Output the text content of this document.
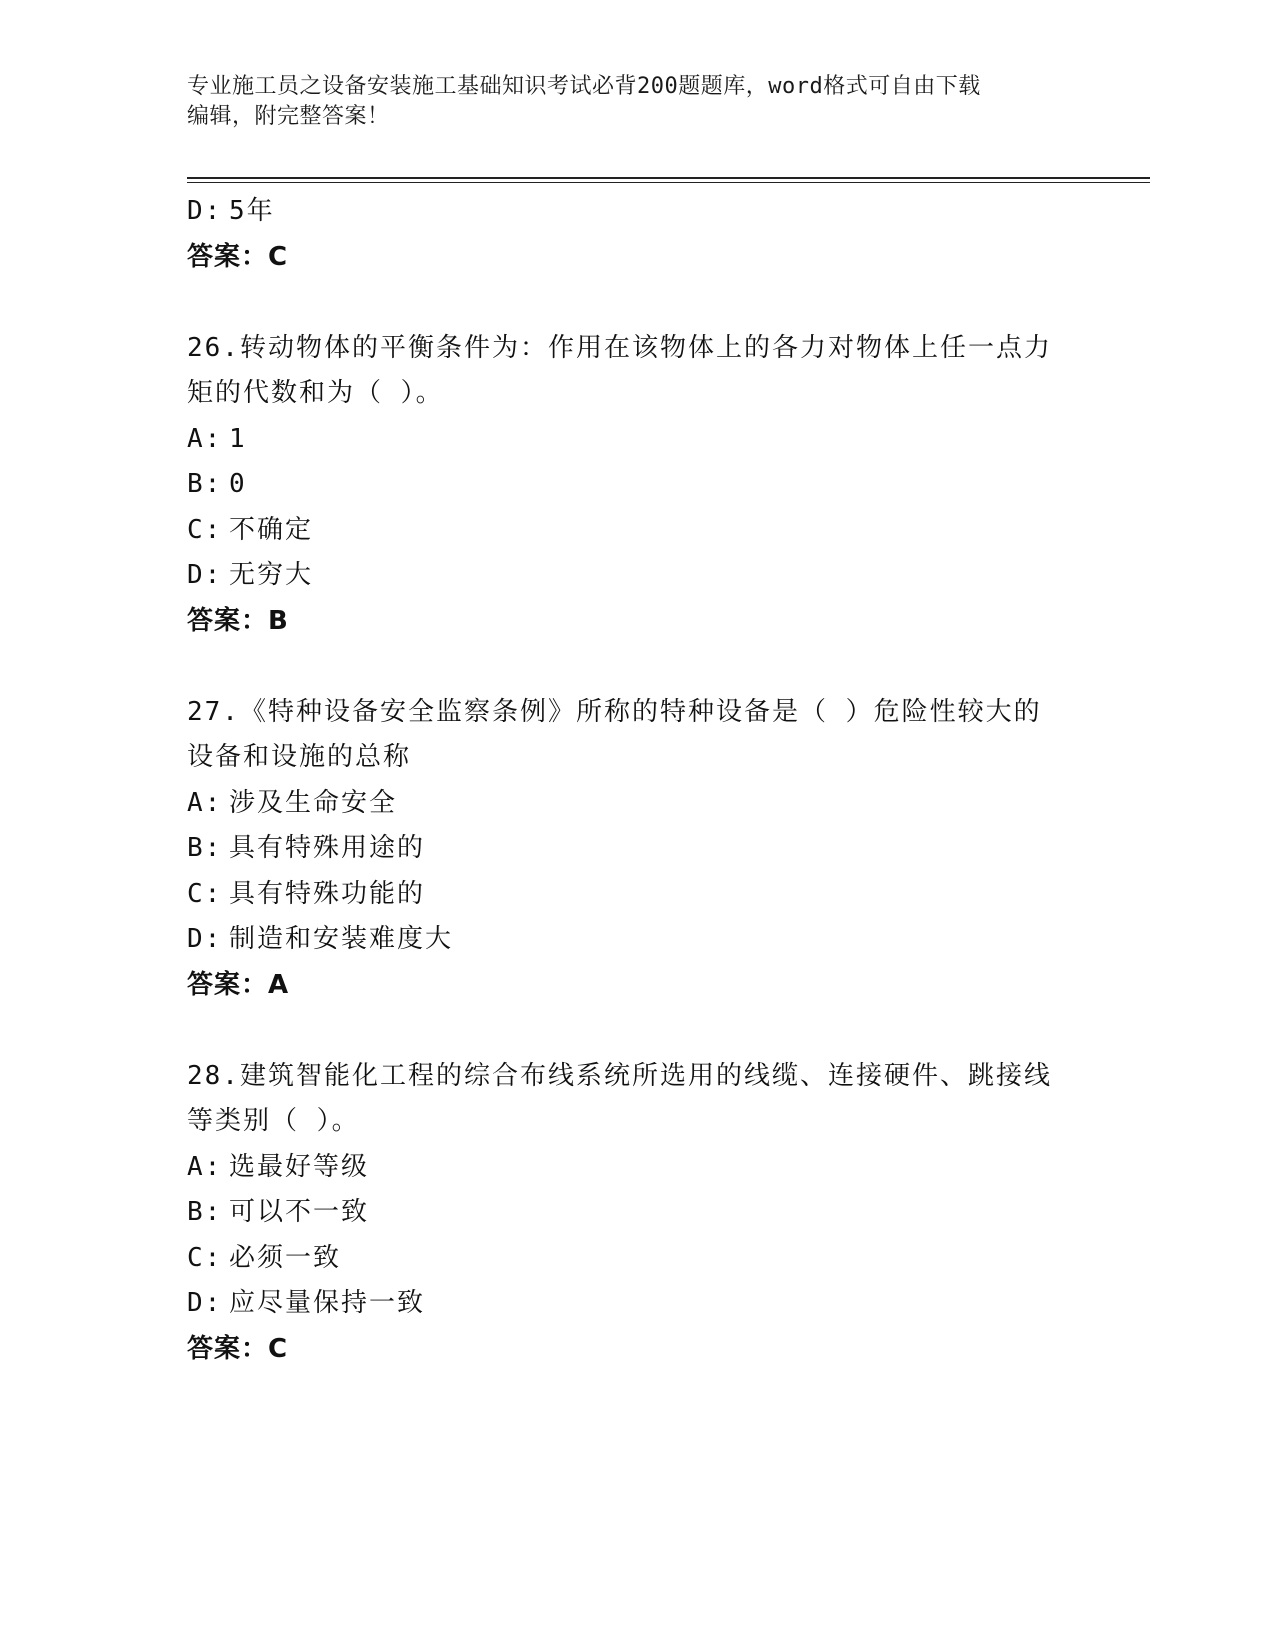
专业施工员之设备安装施工基础知识考试必背200题题库，word格式可自由下载
编辑，附完整答案！
D: 5年
答案：C
26.转动物体的平衡条件为：作用在该物体上的各力对物体上任一点力
矩的代数和为（ ）。
A: 1
B: 0
C: 不确定
D: 无穷大
答案：B
27.《特种设备安全监察条例》所称的特种设备是（ ）危险性较大的
设备和设施的总称
A: 涉及生命安全
B: 具有特殊用途的
C: 具有特殊功能的
D: 制造和安装难度大
答案：A
28.建筑智能化工程的综合布线系统所选用的线缆、连接硬件、跳接线
等类别（ ）。
A: 选最好等级
B: 可以不一致
C: 必须一致
D: 应尽量保持一致
答案：C
